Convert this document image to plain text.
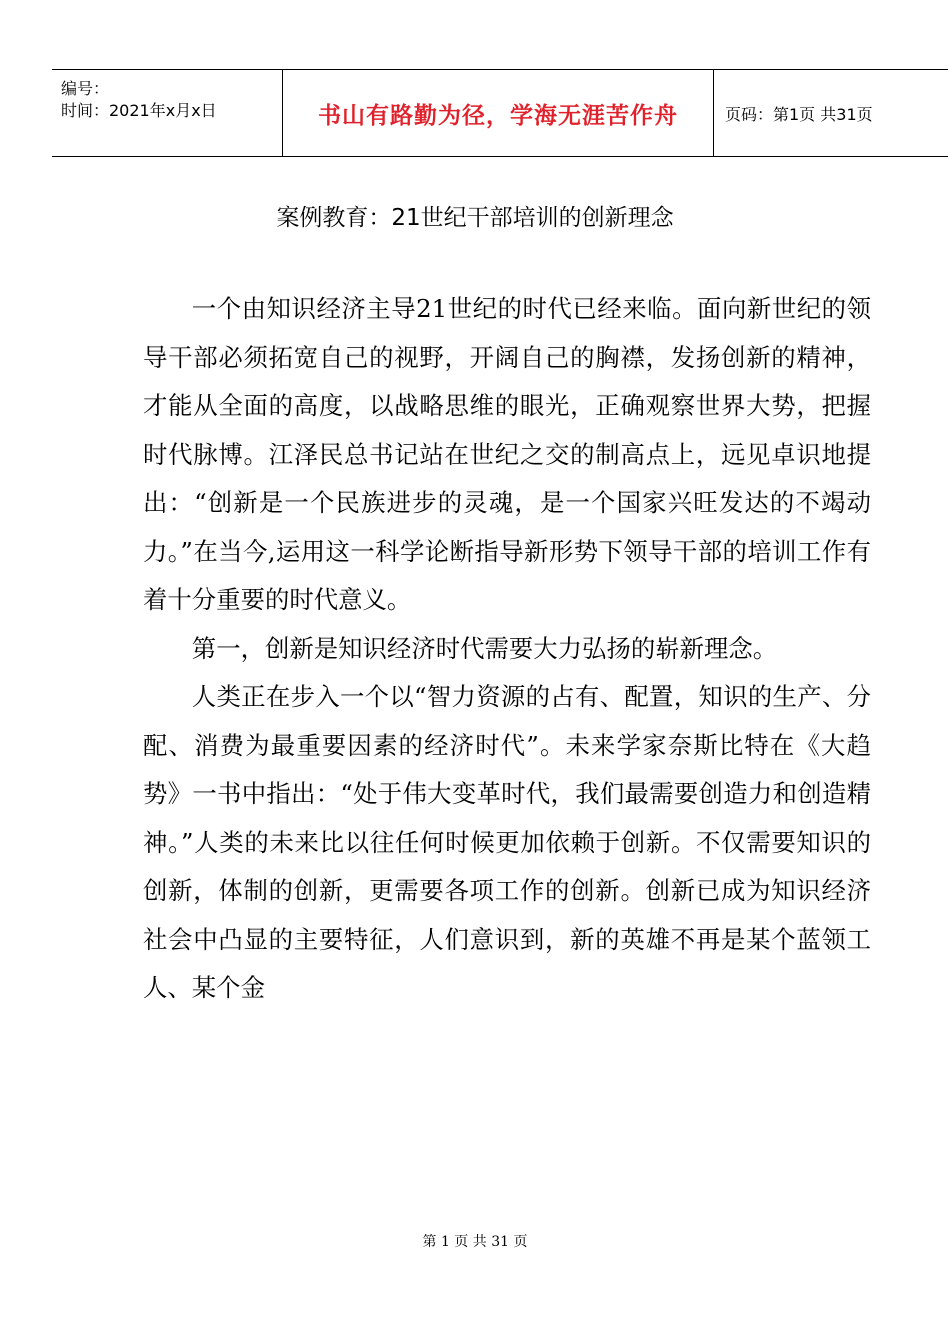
编号：
时间：2021年x月x日	书山有路勤为径，学海无涯苦作舟	页码：第1页 共31页
案例教育：21世纪干部培训的创新理念

一个由知识经济主导21世纪的时代已经来临。面向新世纪的领导干部必须拓宽自己的视野，开阔自己的胸襟，发扬创新的精神，才能从全面的高度，以战略思维的眼光，正确观察世界大势，把握时代脉博。江泽民总书记站在世纪之交的制高点上，远见卓识地提出：“创新是一个民族进步的灵魂，是一个国家兴旺发达的不竭动力。”在当今,运用这一科学论断指导新形势下领导干部的培训工作有着十分重要的时代意义。

第一，创新是知识经济时代需要大力弘扬的崭新理念。

人类正在步入一个以“智力资源的占有、配置，知识的生产、分配、消费为最重要因素的经济时代”。未来学家奈斯比特在《大趋势》一书中指出：“处于伟大变革时代，我们最需要创造力和创造精神。”人类的未来比以往任何时候更加依赖于创新。不仅需要知识的创新，体制的创新，更需要各项工作的创新。创新已成为知识经济社会中凸显的主要特征，人们意识到，新的英雄不再是某个蓝领工人、某个金

第 1 页 共 31 页
